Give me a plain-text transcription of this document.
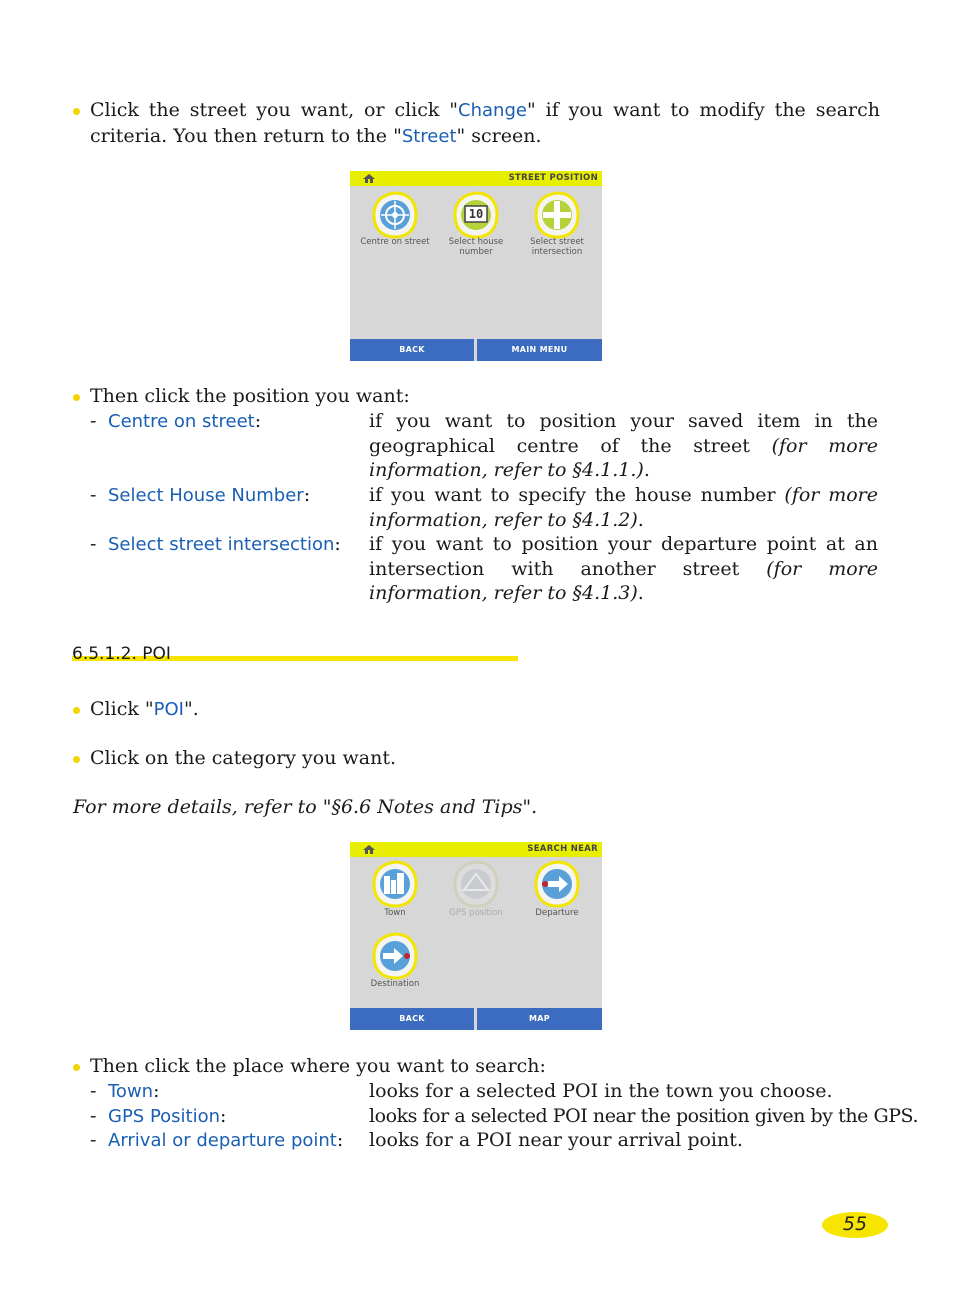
Click the street you want, or click "Change" if you want to modify the search criteria. You then return to the "Street" screen.
STREET POSITION
Centre on street
10
Select house number
Select street intersection
BACK	MAIN MENU
Then click the position you want:
- Centre on street:	if you want to position your saved item in the geographical centre of the street (for more information, refer to §4.1.1.).
- Select House Number:	if you want to specify the house number (for more information, refer to §4.1.2).
- Select street intersection: if you want to position your departure point at an intersection with another street (for more information, refer to §4.1.3).
6.5.1.2. POI
Click "POI".
Click on the category you want.
For more details, refer to "§6.6 Notes and Tips".
SEARCH NEAR
Town	GPS position	Departure
Destination
BACK	MAP
Then click the place where you want to search:
- Town:	looks for a selected POI in the town you choose.
- GPS Position:	looks for a selected POI near the position given by the GPS.
- Arrival or departure point: looks for a POI near your arrival point.
55
